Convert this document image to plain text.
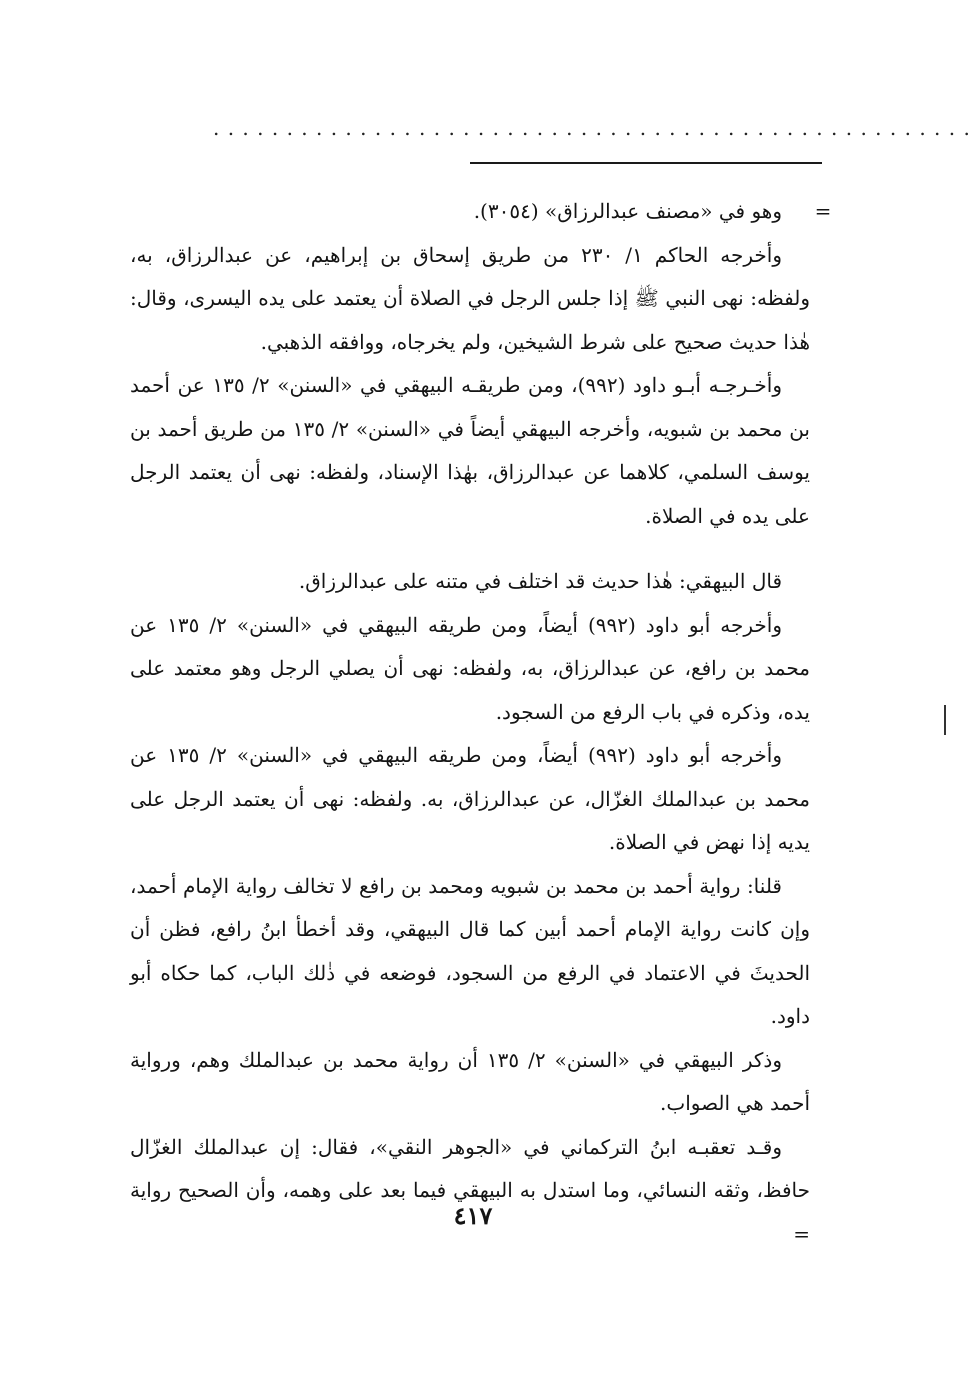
. . . . . . . . . . . . . . . . . . . . . . . . . . . . . . . . . . . . . . . . . . . . . . . . . . . .
=

وهو في «مصنف عبدالرزاق» (٣٠٥٤).

وأخرجه الحاكم ١/ ٢٣٠ من طريق إسحاق بن إبراهيم، عن عبدالرزاق، به، ولفظه: نهى النبي ﷺ إذا جلس الرجل في الصلاة أن يعتمد على يده اليسرى، وقال: هٰذا حديث صحيح على شرط الشيخين، ولم يخرجاه، ووافقه الذهبي.

وأخـرجـه أبـو داود (٩٩٢)، ومن طريقـه البيهقي في «السنن» ٢/ ١٣٥ عن أحمد بن محمد بن شبويه، وأخرجه البيهقي أيضاً في «السنن» ٢/ ١٣٥ من طريق أحمد بن يوسف السلمي، كلاهما عن عبدالرزاق، بهٰذا الإسناد، ولفظه: نهى أن يعتمد الرجل على يده في الصلاة.

قال البيهقي: هٰذا حديث قد اختلف في متنه على عبدالرزاق.

وأخرجه أبو داود (٩٩٢) أيضاً، ومن طريقه البيهقي في «السنن» ٢/ ١٣٥ عن محمد بن رافع، عن عبدالرزاق، به، ولفظه: نهى أن يصلي الرجل وهو معتمد على يده، وذكره في باب الرفع من السجود.

وأخرجه أبو داود (٩٩٢) أيضاً، ومن طريقه البيهقي في «السنن» ٢/ ١٣٥ عن محمد بن عبدالملك الغزّال، عن عبدالرزاق، به. ولفظه: نهى أن يعتمد الرجل على يديه إذا نهض في الصلاة.

قلنا: رواية أحمد بن محمد بن شبويه ومحمد بن رافع لا تخالف رواية الإمام أحمد، وإن كانت رواية الإمام أحمد أبين كما قال البيهقي، وقد أخطأ ابنُ رافع، فظن أن الحديثَ في الاعتماد في الرفع من السجود، فوضعه في ذٰلك الباب، كما حكاه أبو داود.

وذكر البيهقي في «السنن» ٢/ ١٣٥ أن رواية محمد بن عبدالملك وهم، ورواية أحمد هي الصواب.

وقـد تعقبـه ابنُ التركماني في «الجوهر النقي»، فقال: إن عبدالملك الغزّال حافظ، وثقه النسائي، وما استدل به البيهقي فيما بعد على وهمه، وأن الصحيح رواية =

٤١٧
